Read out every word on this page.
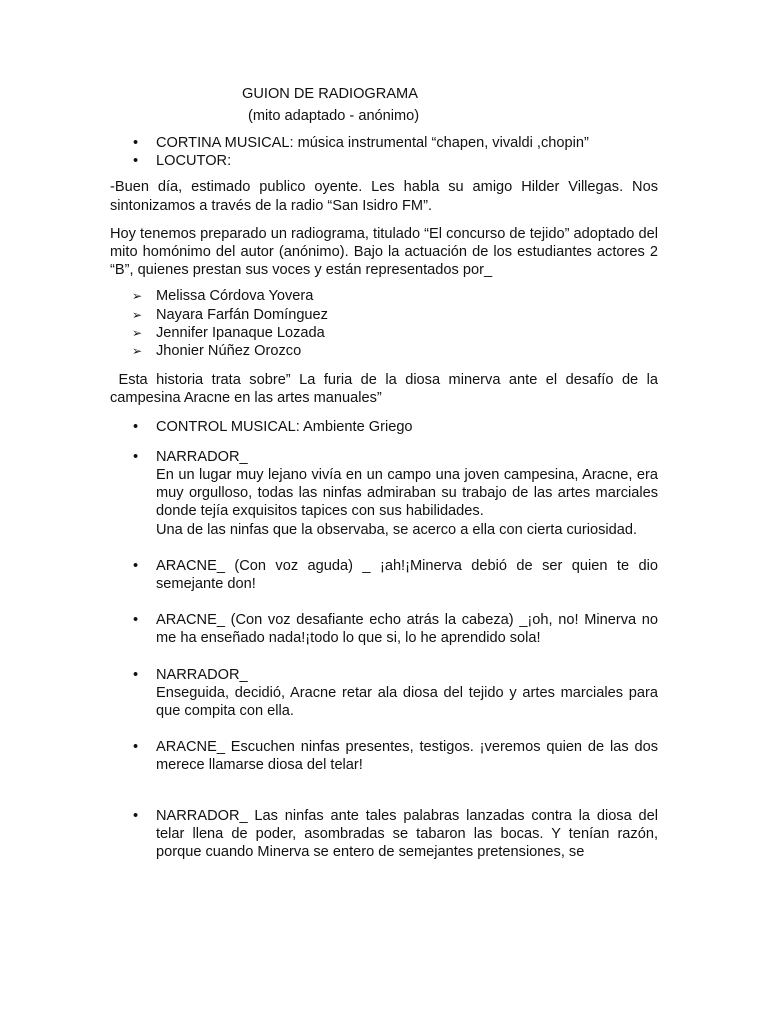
GUION DE RADIOGRAMA
(mito adaptado - anónimo)
• CORTINA MUSICAL: música instrumental “chapen, vivaldi ,chopin”
• LOCUTOR:

-Buen día, estimado publico oyente. Les habla su amigo Hilder Villegas. Nos sintonizamos a través de la radio “San Isidro FM”.

Hoy tenemos preparado un radiograma, titulado “El concurso de tejido” adoptado del mito homónimo del autor (anónimo). Bajo la actuación de los estudiantes actores 2 “B”, quienes prestan sus voces y están representados por_

➢ Melissa Córdova Yovera
➢ Nayara Farfán Domínguez
➢ Jennifer Ipanaque Lozada
➢ Jhonier Núñez Orozco

Esta historia trata sobre” La furia de la diosa minerva ante el desafío de la campesina Aracne en las artes manuales”

• CONTROL MUSICAL: Ambiente Griego
• NARRADOR_
En un lugar muy lejano vivía en un campo una joven campesina, Aracne, era muy orgulloso, todas las ninfas admiraban su trabajo de las artes marciales donde tejía exquisitos tapices con sus habilidades.
Una de las ninfas que la observaba, se acerco a ella con cierta curiosidad.
• ARACNE_ (Con voz aguda) _ ¡ah!¡Minerva debió de ser quien te dio semejante don!
• ARACNE_ (Con voz desafiante echo atrás la cabeza) _¡oh, no! Minerva no me ha enseñado nada!¡todo lo que si, lo he aprendido sola!
• NARRADOR_
Enseguida, decidió, Aracne retar ala diosa del tejido y artes marciales para que compita con ella.
• ARACNE_ Escuchen ninfas presentes, testigos. ¡veremos quien de las dos merece llamarse diosa del telar!
• NARRADOR_ Las ninfas ante tales palabras lanzadas contra la diosa del telar llena de poder, asombradas se tabaron las bocas. Y tenían razón, porque cuando Minerva se entero de semejantes pretensiones, se
